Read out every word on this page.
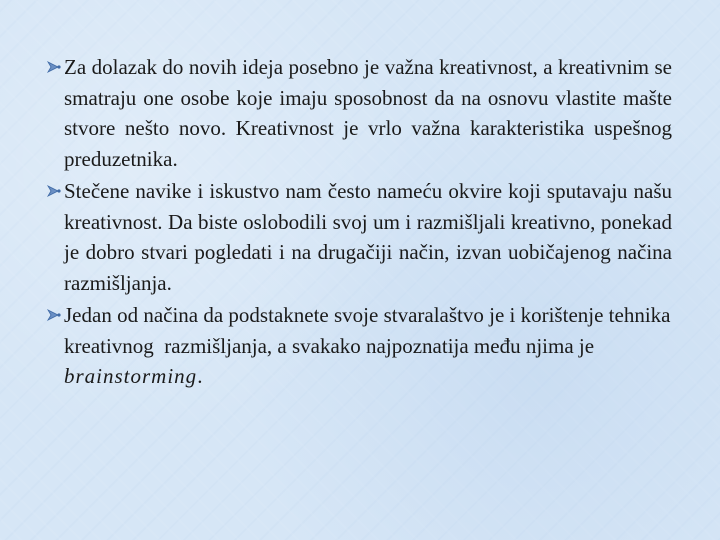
Za dolazak do novih ideja posebno je važna kreativnost, a kreativnim se smatraju one osobe koje imaju sposobnost da na osnovu vlastite mašte stvore nešto novo. Kreativnost je vrlo važna karakteristika uspešnog preduzetnika.

Stečene navike i iskustvo nam često nameću okvire koji sputavaju našu kreativnost. Da biste oslobodili svoj um i razmišljali kreativno, ponekad je dobro stvari pogledati i na drugačiji način, izvan uobičajenog načina razmišljanja.

Jedan od načina da podstaknete svoje stvaralaštvo je i korištenje tehnika kreativnog  razmišljanja, a svakako najpoznatija među njima je brainstorming.
